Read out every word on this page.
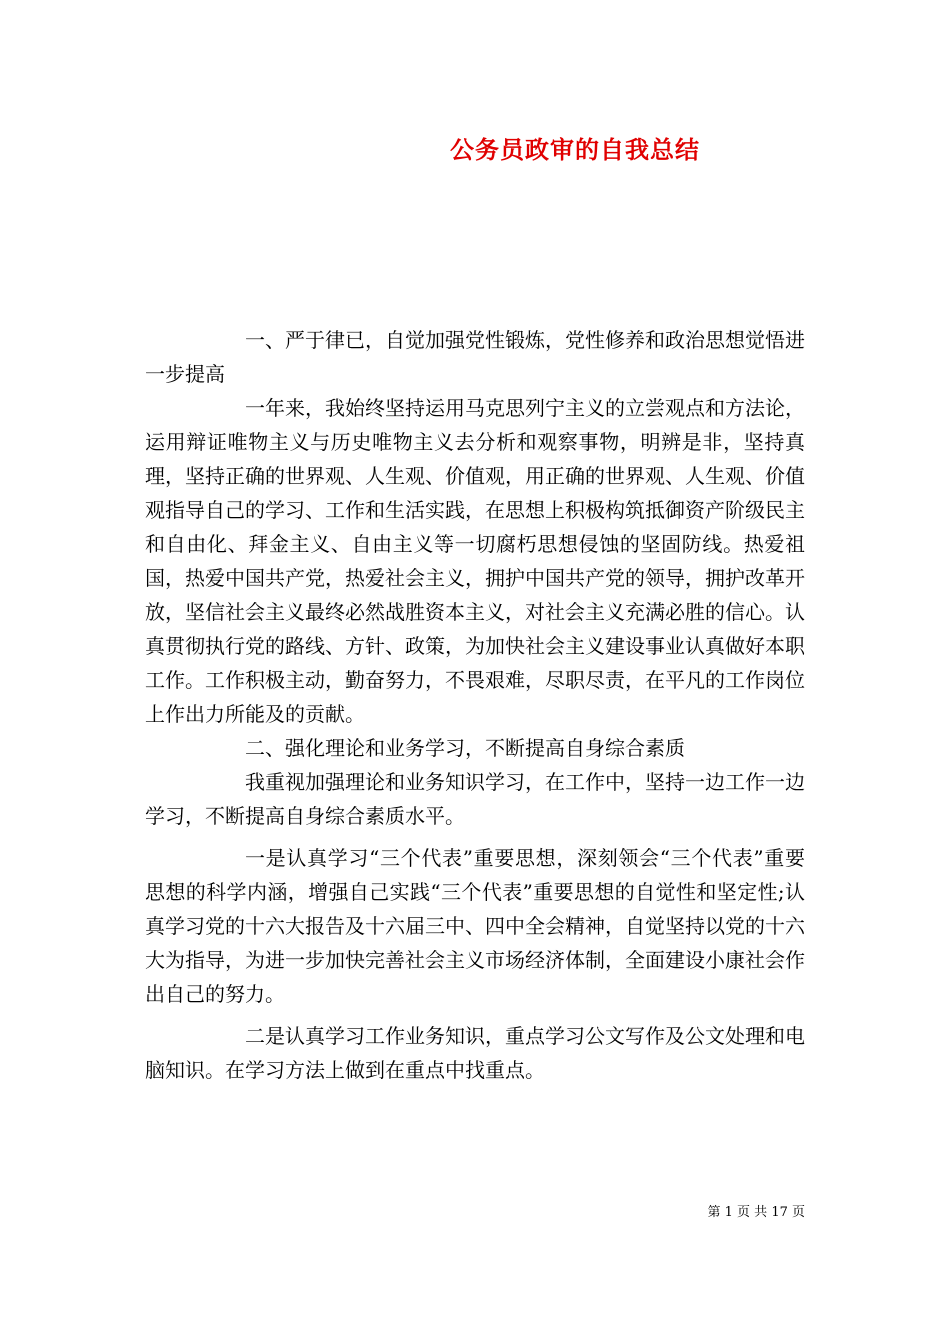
公务员政审的自我总结

一、严于律已，自觉加强党性锻炼，党性修养和政治思想觉悟进一步提高

一年来，我始终坚持运用马克思列宁主义的立尝观点和方法论，运用辩证唯物主义与历史唯物主义去分析和观察事物，明辨是非，坚持真理，坚持正确的世界观、人生观、价值观，用正确的世界观、人生观、价值观指导自己的学习、工作和生活实践，在思想上积极构筑抵御资产阶级民主和自由化、拜金主义、自由主义等一切腐朽思想侵蚀的坚固防线。热爱祖国，热爱中国共产党，热爱社会主义，拥护中国共产党的领导，拥护改革开放，坚信社会主义最终必然战胜资本主义，对社会主义充满必胜的信心。认真贯彻执行党的路线、方针、政策，为加快社会主义建设事业认真做好本职工作。工作积极主动，勤奋努力，不畏艰难，尽职尽责，在平凡的工作岗位上作出力所能及的贡献。

二、强化理论和业务学习，不断提高自身综合素质

我重视加强理论和业务知识学习，在工作中，坚持一边工作一边学习，不断提高自身综合素质水平。

一是认真学习“三个代表”重要思想，深刻领会“三个代表”重要思想的科学内涵，增强自己实践“三个代表”重要思想的自觉性和坚定性;认真学习党的十六大报告及十六届三中、四中全会精神，自觉坚持以党的十六大为指导，为进一步加快完善社会主义市场经济体制，全面建设小康社会作出自己的努力。

二是认真学习工作业务知识，重点学习公文写作及公文处理和电脑知识。在学习方法上做到在重点中找重点。

第 1 页 共 17 页
